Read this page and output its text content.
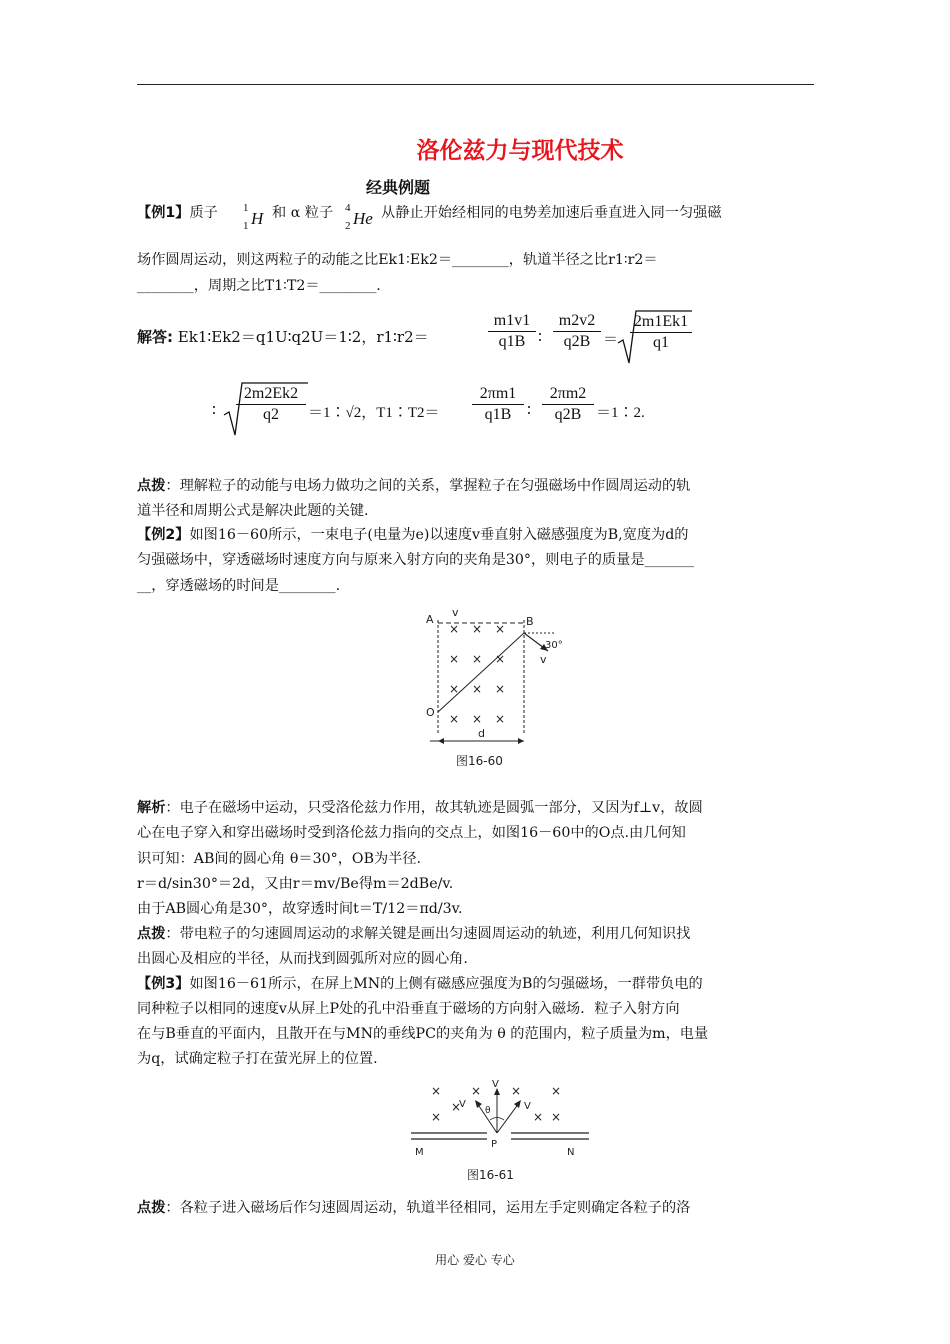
洛伦兹力与现代技术
经典例题
【例1】质子 1
1 H 和 α 粒子 4
2 He 从静止开始经相同的电势差加速后垂直进入同一匀强磁
场作圆周运动，则这两粒子的动能之比Ek1∶Ek2＝________，轨道半径之比r1∶r2＝
________，周期之比T1∶T2＝________.
解答: Ek1∶Ek2＝q1U∶q2U＝1∶2，r1∶r2＝	$\frac{m1v1}{q1B}$ ∶ $\frac{m2v2}{q2B} = \frac{2m1Ek1}{q1}$
∶ $\frac{2m2Ek2}{q2}$ ＝1∶√2，T1∶T2＝ $\frac{2\pi m1}{q1B}$ ∶ $\frac{2\pi m2}{q2B}$ ＝1∶2.
点拨：理解粒子的动能与电场力做功之间的关系，掌握粒子在匀强磁场中作圆周运动的轨
道半径和周期公式是解决此题的关键.
【例2】如图16－60所示，一束电子(电量为e)以速度v垂直射入磁感强度为B,宽度为d的
匀强磁场中，穿透磁场时速度方向与原来入射方向的夹角是30°，则电子的质量是_______
__，穿透磁场的时间是________.
A	B
O
v
v
30°
d
× × ×
× × ×
× × ×
× × ×
图16-60
解析：电子在磁场中运动，只受洛伦兹力作用，故其轨迹是圆弧一部分，又因为f⊥v，故圆
心在电子穿入和穿出磁场时受到洛伦兹力指向的交点上，如图16－60中的O点.由几何知
识可知：AB间的圆心角 θ＝30°，OB为半径.
r＝d/sin30°＝2d，又由r＝mv/Be得m＝2dBe/v.
由于AB圆心角是30°，故穿透时间t＝T/12＝πd/3v.
点拨：带电粒子的匀速圆周运动的求解关键是画出匀速圆周运动的轨迹，利用几何知识找
出圆心及相应的半径，从而找到圆弧所对应的圆心角.
【例3】如图16－61所示，在屏上MN的上侧有磁感应强度为B的匀强磁场，一群带负电的
同种粒子以相同的速度v从屏上P处的孔中沿垂直于磁场的方向射入磁场．粒子入射方向
在与B垂直的平面内，且散开在与MN的垂线PC的夹角为 θ 的范围内，粒子质量为m，电量
为q，试确定粒子打在萤光屏上的位置.
V
V	V
θ
M
P
N
×
×
× × ×
×
×
×
图16-61
点拨：各粒子进入磁场后作匀速圆周运动，轨道半径相同，运用左手定则确定各粒子的洛
用心 爱心 专心
